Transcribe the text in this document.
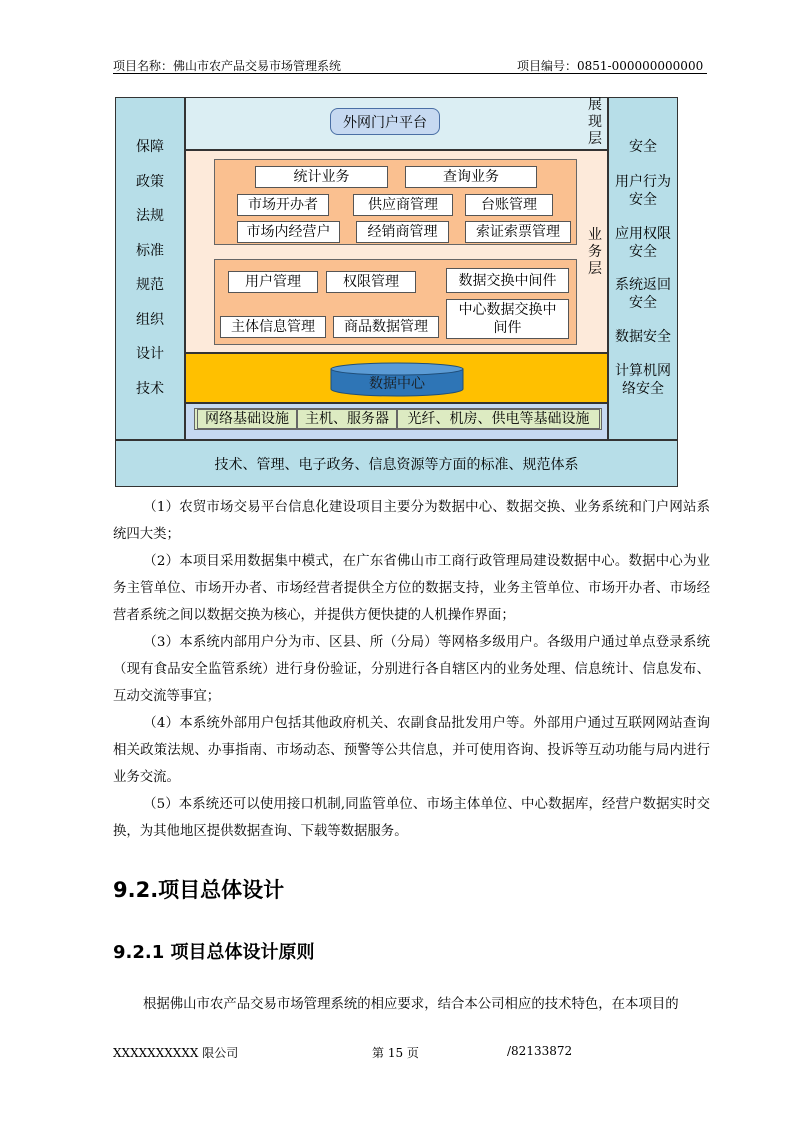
项目名称：佛山市农产品交易市场管理系统	项目编号：0851-000000000000
保障
政策
法规
标准
规范
组织
设计
技术
安全
用户行为
安全
应用权限
安全
系统返回
安全
数据安全
计算机网
络安全
外网门户平台
展
现
层
业
务
层
统计业务	查询业务
市场开办者	供应商管理	台账管理
市场内经营户	经销商管理	索证索票管理
用户管理	权限管理	数据交换中间件
主体信息管理	商品数据管理
中心数据交换中
间件
数据中心
网络基础设施	主机、服务器	光纤、机房、供电等基础设施
技术、管理、电子政务、信息资源等方面的标准、规范体系
（1）农贸市场交易平台信息化建设项目主要分为数据中心、数据交换、业务系统和门户网站系统四大类；
（2）本项目采用数据集中模式，在广东省佛山市工商行政管理局建设数据中心。数据中心为业务主管单位、市场开办者、市场经营者提供全方位的数据支持，业务主管单位、市场开办者、市场经营者系统之间以数据交换为核心，并提供方便快捷的人机操作界面；
（3）本系统内部用户分为市、区县、所（分局）等网格多级用户。各级用户通过单点登录系统（现有食品安全监管系统）进行身份验证，分别进行各自辖区内的业务处理、信息统计、信息发布、互动交流等事宜；
（4）本系统外部用户包括其他政府机关、农副食品批发用户等。外部用户通过互联网网站查询相关政策法规、办事指南、市场动态、预警等公共信息，并可使用咨询、投诉等互动功能与局内进行业务交流。
（5）本系统还可以使用接口机制,同监管单位、市场主体单位、中心数据库，经营户数据实时交换，为其他地区提供数据查询、下载等数据服务。
9.2.项目总体设计
9.2.1 项目总体设计原则
根据佛山市农产品交易市场管理系统的相应要求，结合本公司相应的技术特色，在本项目的
XXXXXXXXXX 限公司	第 15 页	/82133872
